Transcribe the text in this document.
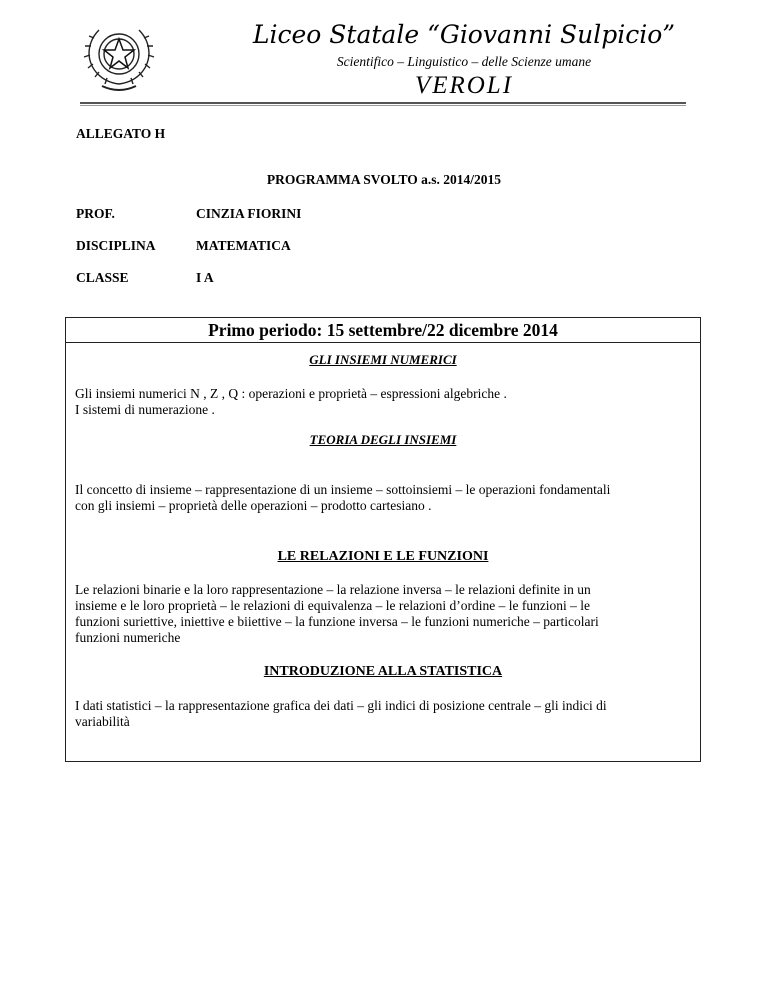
Liceo Statale “Giovanni Sulpicio”
Scientifico – Linguistico – delle Scienze umane
VEROLI
ALLEGATO H
PROGRAMMA SVOLTO a.s. 2014/2015
PROF.	CINZIA FIORINI
DISCIPLINA	MATEMATICA
CLASSE	I A
Primo periodo: 15 settembre/22 dicembre 2014
GLI INSIEMI NUMERICI
Gli insiemi numerici N , Z , Q : operazioni e proprietà – espressioni algebriche .
I sistemi di numerazione .
TEORIA DEGLI INSIEMI
Il concetto di insieme – rappresentazione di un insieme – sottoinsiemi – le operazioni fondamentali
con gli insiemi – proprietà delle operazioni – prodotto cartesiano .
LE RELAZIONI E LE FUNZIONI
Le relazioni binarie e la loro rappresentazione – la relazione inversa – le relazioni definite in un
insieme e le loro proprietà – le relazioni di equivalenza – le relazioni d’ordine – le funzioni – le
funzioni suriettive, iniettive e biiettive – la funzione inversa – le funzioni numeriche – particolari
funzioni numeriche
INTRODUZIONE ALLA STATISTICA
I dati statistici – la rappresentazione grafica dei dati – gli indici di posizione centrale – gli indici di
variabilità
